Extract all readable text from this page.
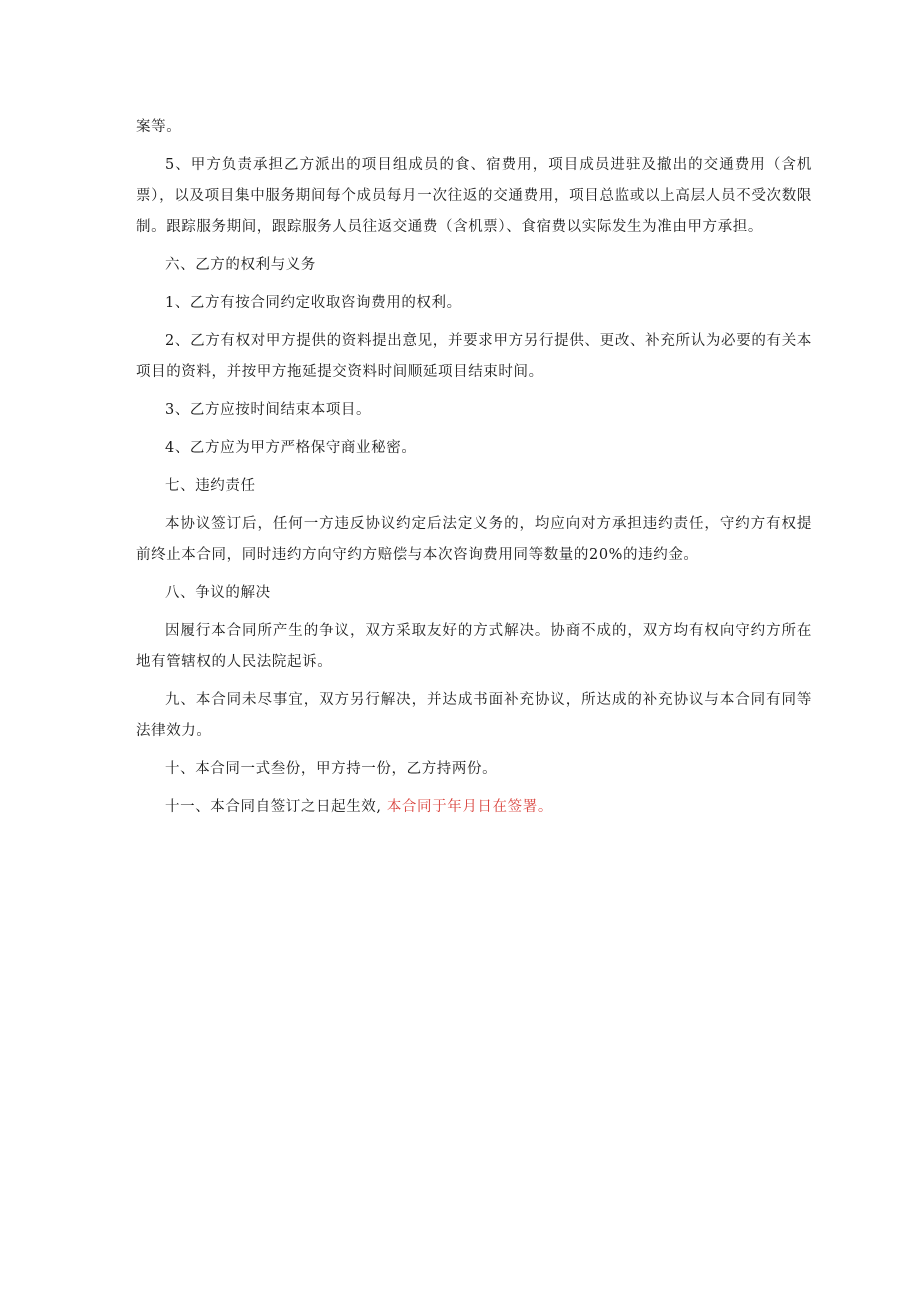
案等。

5、甲方负责承担乙方派出的项目组成员的食、宿费用，项目成员进驻及撤出的交通费用（含机票），以及项目集中服务期间每个成员每月一次往返的交通费用，项目总监或以上高层人员不受次数限制。跟踪服务期间，跟踪服务人员往返交通费（含机票）、食宿费以实际发生为准由甲方承担。

六、乙方的权利与义务

1、乙方有按合同约定收取咨询费用的权利。

2、乙方有权对甲方提供的资料提出意见，并要求甲方另行提供、更改、补充所认为必要的有关本项目的资料，并按甲方拖延提交资料时间顺延项目结束时间。

3、乙方应按时间结束本项目。

4、乙方应为甲方严格保守商业秘密。

七、违约责任

本协议签订后，任何一方违反协议约定后法定义务的，均应向对方承担违约责任，守约方有权提前终止本合同，同时违约方向守约方赔偿与本次咨询费用同等数量的20%的违约金。

八、争议的解决

因履行本合同所产生的争议，双方采取友好的方式解决。协商不成的，双方均有权向守约方所在地有管辖权的人民法院起诉。

九、本合同未尽事宜，双方另行解决，并达成书面补充协议，所达成的补充协议与本合同有同等法律效力。

十、本合同一式叁份，甲方持一份，乙方持两份。

十一、本合同自签订之日起生效, 本合同于年月日在签署。
